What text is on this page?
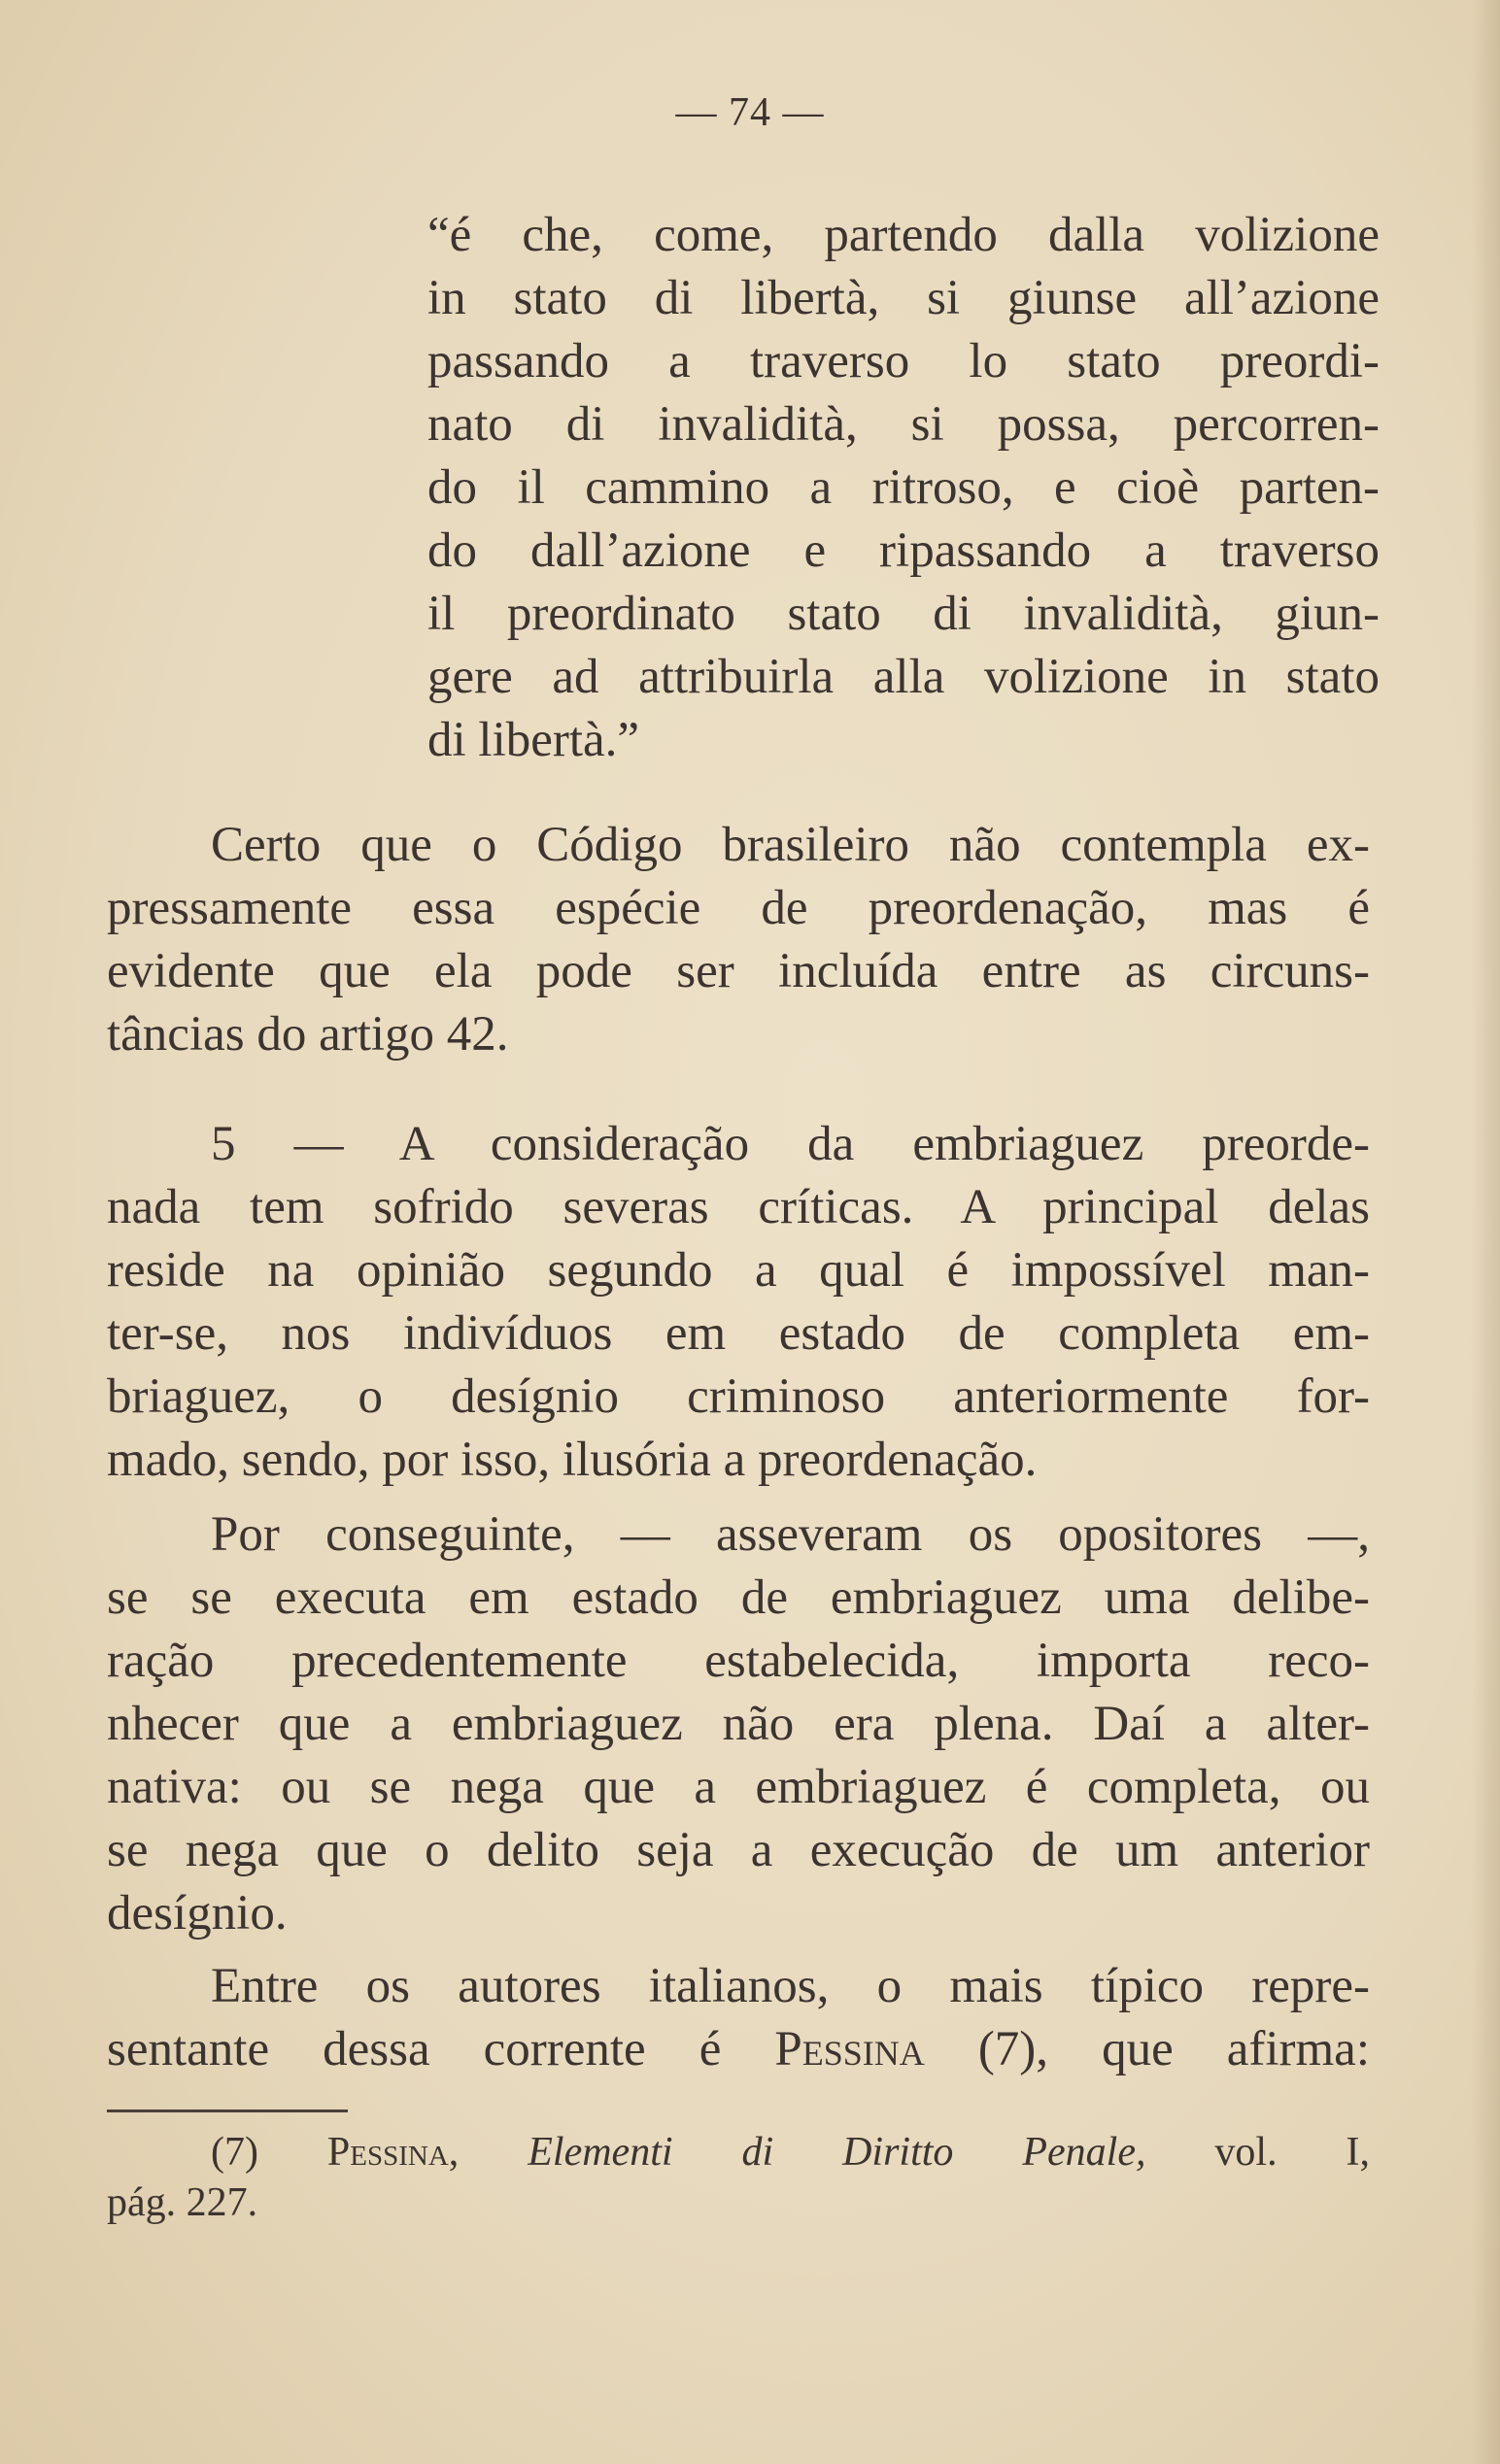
— 74 —
“é che, come, partendo dalla volizione
in stato di libertà, si giunse all’azione
passando a traverso lo stato preordi-
nato di invalidità, si possa, percorren-
do il cammino a ritroso, e cioè parten-
do dall’azione e ripassando a traverso
il preordinato stato di invalidità, giun-
gere ad attribuirla alla volizione in stato
di libertà.”
Certo que o Código brasileiro não contempla ex-
pressamente essa espécie de preordenação, mas é
evidente que ela pode ser incluída entre as circuns-
tâncias do artigo 42.
5 — A consideração da embriaguez preorde-
nada tem sofrido severas críticas. A principal delas
reside na opinião segundo a qual é impossível man-
ter-se, nos indivíduos em estado de completa em-
briaguez, o desígnio criminoso anteriormente for-
mado, sendo, por isso, ilusória a preordenação.
Por conseguinte, — asseveram os opositores —,
se se executa em estado de embriaguez uma delibe-
ração precedentemente estabelecida, importa reco-
nhecer que a embriaguez não era plena. Daí a alter-
nativa: ou se nega que a embriaguez é completa, ou
se nega que o delito seja a execução de um anterior
desígnio.
Entre os autores italianos, o mais típico repre-
sentante dessa corrente é Pessina (7), que afirma:
(7) Pessina, Elementi di Diritto Penale, vol. I,
pág. 227.
